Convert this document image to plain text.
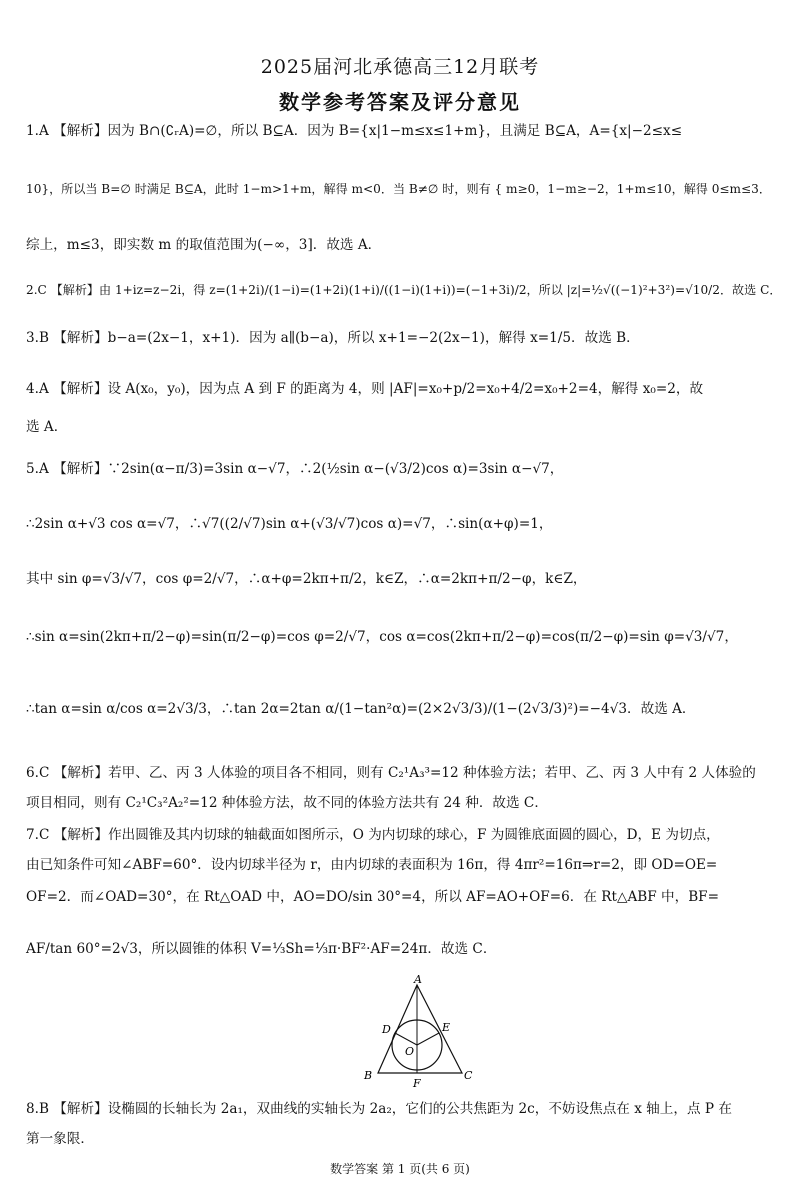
2025届河北承德高三12月联考
数学参考答案及评分意见
1.A 【解析】因为 B∩(∁ᵣA)=∅，所以 B⊆A．因为 B={x|1−m≤x≤1+m}，且满足 B⊆A，A={x|−2≤x≤
10}，所以当 B=∅ 时满足 B⊆A，此时 1−m>1+m，解得 m<0．当 B≠∅ 时，则有 { m≥0，1−m≥−2，1+m≤10，解得 0≤m≤3．
综上，m≤3，即实数 m 的取值范围为(−∞，3]．故选 A．
2.C 【解析】由 1+iz=z−2i，得 z=(1+2i)/(1−i)=(1+2i)(1+i)/((1−i)(1+i))=(−1+3i)/2，所以 |z|=½√((−1)²+3²)=√10/2．故选 C．
3.B 【解析】b−a=(2x−1，x+1)．因为 a∥(b−a)，所以 x+1=−2(2x−1)，解得 x=1/5．故选 B．
4.A 【解析】设 A(x₀，y₀)，因为点 A 到 F 的距离为 4，则 |AF|=x₀+p/2=x₀+4/2=x₀+2=4，解得 x₀=2，故
选 A．
5.A 【解析】∵2sin(α−π/3)=3sin α−√7，∴2(½sin α−(√3/2)cos α)=3sin α−√7，
∴2sin α+√3 cos α=√7，∴√7((2/√7)sin α+(√3/√7)cos α)=√7，∴sin(α+φ)=1，
其中 sin φ=√3/√7，cos φ=2/√7，∴α+φ=2kπ+π/2，k∈Z，∴α=2kπ+π/2−φ，k∈Z，
∴sin α=sin(2kπ+π/2−φ)=sin(π/2−φ)=cos φ=2/√7，cos α=cos(2kπ+π/2−φ)=cos(π/2−φ)=sin φ=√3/√7，
∴tan α=sin α/cos α=2√3/3，∴tan 2α=2tan α/(1−tan²α)=(2×2√3/3)/(1−(2√3/3)²)=−4√3．故选 A．
6.C 【解析】若甲、乙、丙 3 人体验的项目各不相同，则有 C₂¹A₃³=12 种体验方法；若甲、乙、丙 3 人中有 2 人体验的
项目相同，则有 C₂¹C₃²A₂²=12 种体验方法，故不同的体验方法共有 24 种．故选 C．
7.C 【解析】作出圆锥及其内切球的轴截面如图所示，O 为内切球的球心，F 为圆锥底面圆的圆心，D，E 为切点，
由已知条件可知∠ABF=60°．设内切球半径为 r，由内切球的表面积为 16π，得 4πr²=16π⇒r=2，即 OD=OE=
OF=2．而∠OAD=30°，在 Rt△OAD 中，AO=DO/sin 30°=4，所以 AF=AO+OF=6．在 Rt△ABF 中，BF=
AF/tan 60°=2√3，所以圆锥的体积 V=⅓Sh=⅓π·BF²·AF=24π．故选 C．
A
B	C
D	E
F
O
8.B 【解析】设椭圆的长轴长为 2a₁，双曲线的实轴长为 2a₂，它们的公共焦距为 2c，不妨设焦点在 x 轴上，点 P 在
第一象限．
数学答案 第 1 页(共 6 页)
